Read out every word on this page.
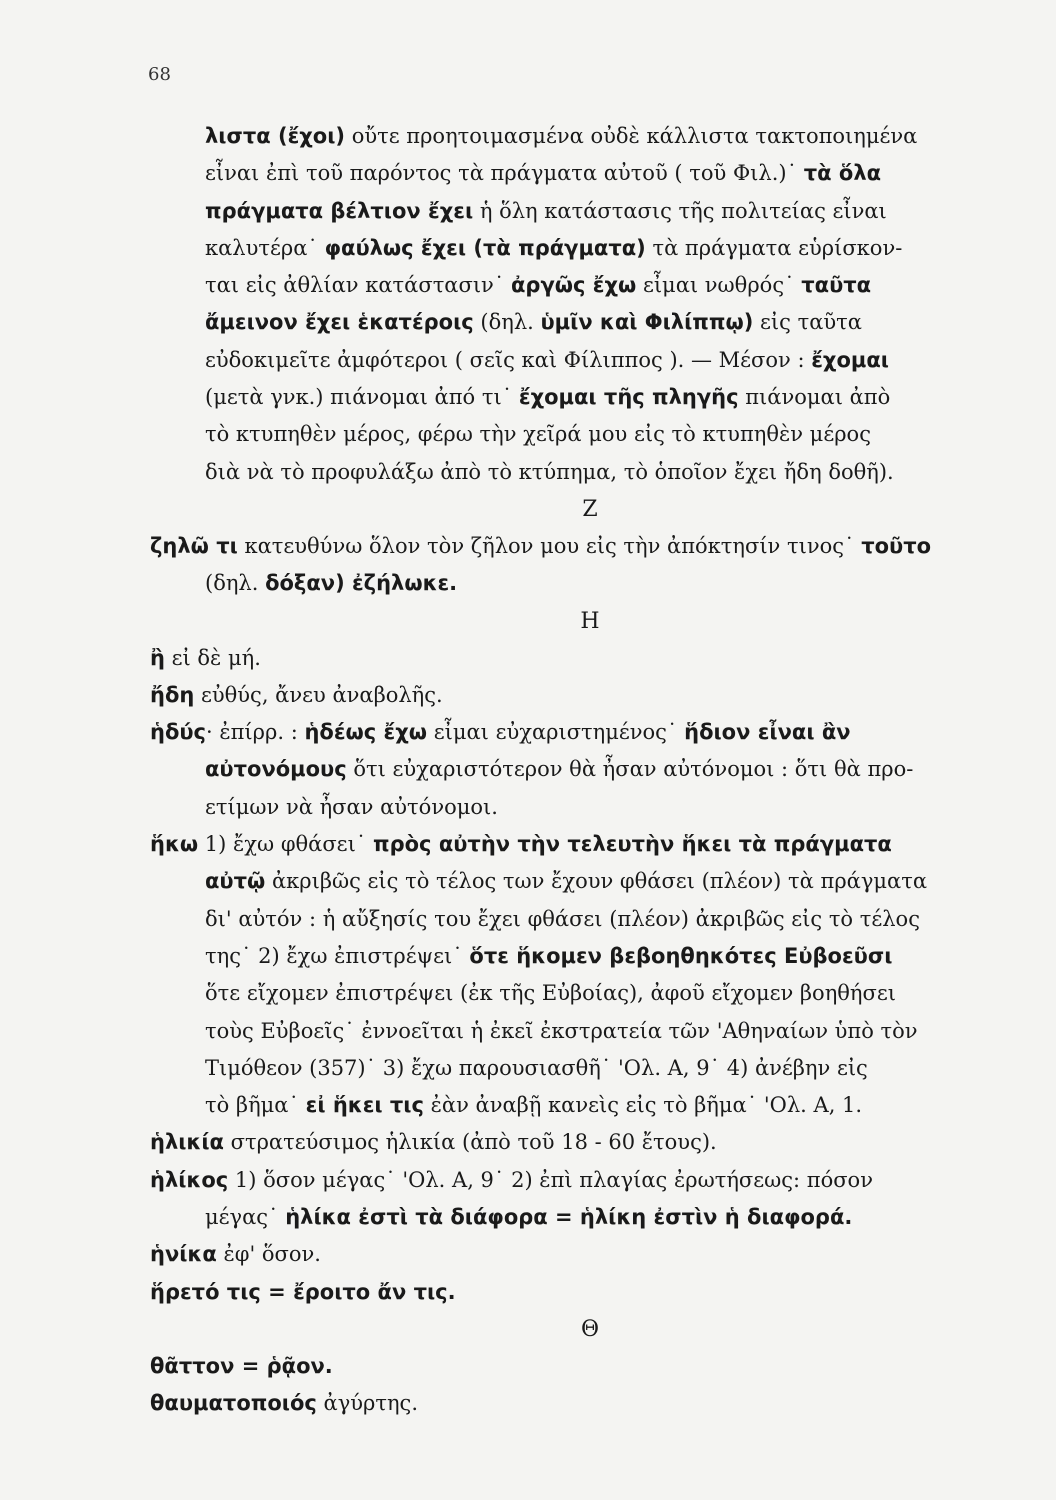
68
λιστα (ἔχοι) οὔτε προητοιμασμένα οὐδὲ κάλλιστα τακτοποιημένα
εἶναι ἐπὶ τοῦ παρόντος τὰ πράγματα αὐτοῦ ( τοῦ Φιλ.)˙ τὰ ὅλα
πράγματα βέλτιον ἔχει ἡ ὅλη κατάστασις τῆς πολιτείας εἶναι
καλυτέρα˙ φαύλως ἔχει (τὰ πράγματα) τὰ πράγματα εὑρίσκον-
ται εἰς ἀθλίαν κατάστασιν˙ ἀργῶς ἔχω εἶμαι νωθρός˙ ταῦτα
ἄμεινον ἔχει ἑκατέροις (δηλ. ὑμῖν καὶ Φιλίππῳ) εἰς ταῦτα
εὐδοκιμεῖτε ἀμφότεροι ( σεῖς καὶ Φίλιππος ). — Μέσον : ἔχομαι
(μετὰ γνκ.) πιάνομαι ἀπό τι˙ ἔχομαι τῆς πληγῆς πιάνομαι ἀπὸ
τὸ κτυπηθὲν μέρος, φέρω τὴν χεῖρά μου εἰς τὸ κτυπηθὲν μέρος
διὰ νὰ τὸ προφυλάξω ἀπὸ τὸ κτύπημα, τὸ ὁποῖον ἔχει ἤδη δοθῆ).
Ζ
ζηλῶ τι κατευθύνω ὅλον τὸν ζῆλον μου εἰς τὴν ἀπόκτησίν τινος˙ τοῦτο
(δηλ. δόξαν) ἐζήλωκε.
Η
ἢ εἰ δὲ μή.
ἤδη εὐθύς, ἄνευ ἀναβολῆς.
ἡδύς· ἐπίρρ. : ἡδέως ἔχω εἶμαι εὐχαριστημένος˙ ἥδιον εἶναι ἂν
αὐτονόμους ὅτι εὐχαριστότερον θὰ ἦσαν αὐτόνομοι : ὅτι θὰ προ-
ετίμων νὰ ἦσαν αὐτόνομοι.
ἥκω 1) ἔχω φθάσει˙ πρὸς αὐτὴν τὴν τελευτὴν ἥκει τὰ πράγματα
αὐτῷ ἀκριβῶς εἰς τὸ τέλος των ἔχουν φθάσει (πλέον) τὰ πράγματα
δι' αὐτόν : ἡ αὔξησίς του ἔχει φθάσει (πλέον) ἀκριβῶς εἰς τὸ τέλος
της˙ 2) ἔχω ἐπιστρέψει˙ ὅτε ἥκομεν βεβοηθηκότες Εὐβοεῦσι
ὅτε εἴχομεν ἐπιστρέψει (ἐκ τῆς Εὐβοίας), ἀφοῦ εἴχομεν βοηθήσει
τοὺς Εὐβοεῖς˙ ἐννοεῖται ἡ ἐκεῖ ἐκστρατεία τῶν 'Αθηναίων ὑπὸ τὸν
Τιμόθεον (357)˙ 3) ἔχω παρουσιασθῆ˙ 'Ολ. Α, 9˙ 4) ἀνέβην εἰς
τὸ βῆμα˙ εἰ ἥκει τις ἐὰν ἀναβῇ κανεὶς εἰς τὸ βῆμα˙ 'Ολ. Α, 1.
ἡλικία στρατεύσιμος ἡλικία (ἀπὸ τοῦ 18 - 60 ἔτους).
ἡλίκος 1) ὅσον μέγας˙ 'Ολ. Α, 9˙ 2) ἐπὶ πλαγίας ἐρωτήσεως: πόσον
μέγας˙ ἡλίκα ἐστὶ τὰ διάφορα = ἡλίκη ἐστὶν ἡ διαφορά.
ἡνίκα ἐφ' ὅσον.
ἥρετό τις = ἔροιτο ἄν τις.
Θ
θᾶττον = ῥᾷον.
θαυματοποιός ἀγύρτης.
